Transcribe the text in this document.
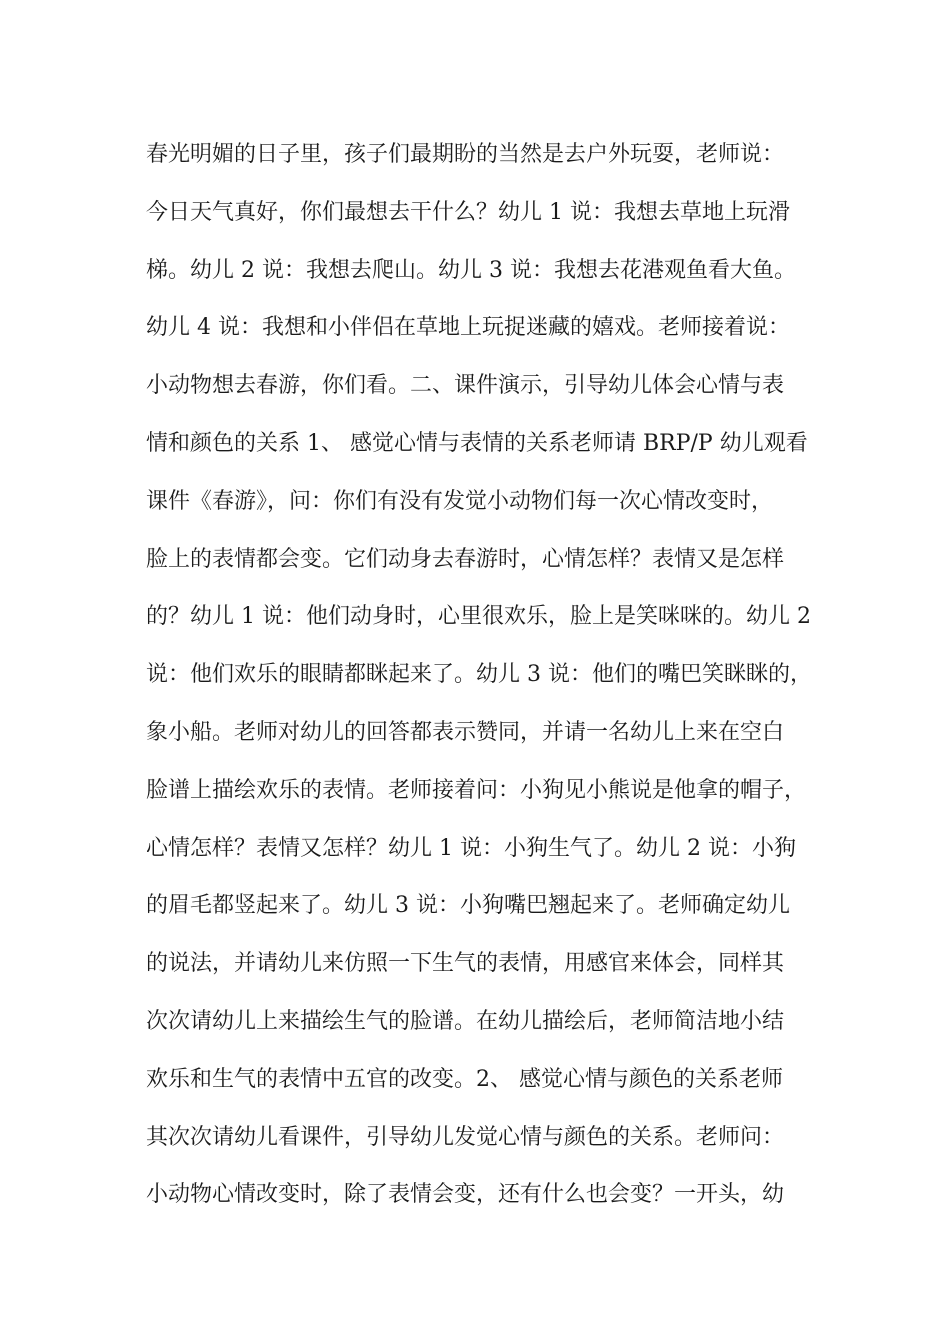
春光明媚的日子里，孩子们最期盼的当然是去户外玩耍，老师说：
今日天气真好，你们最想去干什么？幼儿 1 说：我想去草地上玩滑
梯。幼儿 2 说：我想去爬山。幼儿 3 说：我想去花港观鱼看大鱼。
幼儿 4 说：我想和小伴侣在草地上玩捉迷藏的嬉戏。老师接着说：
小动物想去春游，你们看。二、课件演示，引导幼儿体会心情与表
情和颜色的关系 1、 感觉心情与表情的关系老师请 BRP/P 幼儿观看
课件《春游》，问：你们有没有发觉小动物们每一次心情改变时，
脸上的表情都会变。它们动身去春游时，心情怎样？表情又是怎样
的？幼儿 1 说：他们动身时，心里很欢乐，脸上是笑咪咪的。幼儿 2
说：他们欢乐的眼睛都眯起来了。幼儿 3 说：他们的嘴巴笑眯眯的，
象小船。老师对幼儿的回答都表示赞同，并请一名幼儿上来在空白
脸谱上描绘欢乐的表情。老师接着问：小狗见小熊说是他拿的帽子，
心情怎样？表情又怎样？幼儿 1 说：小狗生气了。幼儿 2 说：小狗
的眉毛都竖起来了。幼儿 3 说：小狗嘴巴翘起来了。老师确定幼儿
的说法，并请幼儿来仿照一下生气的表情，用感官来体会，同样其
次次请幼儿上来描绘生气的脸谱。在幼儿描绘后，老师简洁地小结
欢乐和生气的表情中五官的改变。2、 感觉心情与颜色的关系老师
其次次请幼儿看课件，引导幼儿发觉心情与颜色的关系。老师问：
小动物心情改变时，除了表情会变，还有什么也会变？一开头，幼
